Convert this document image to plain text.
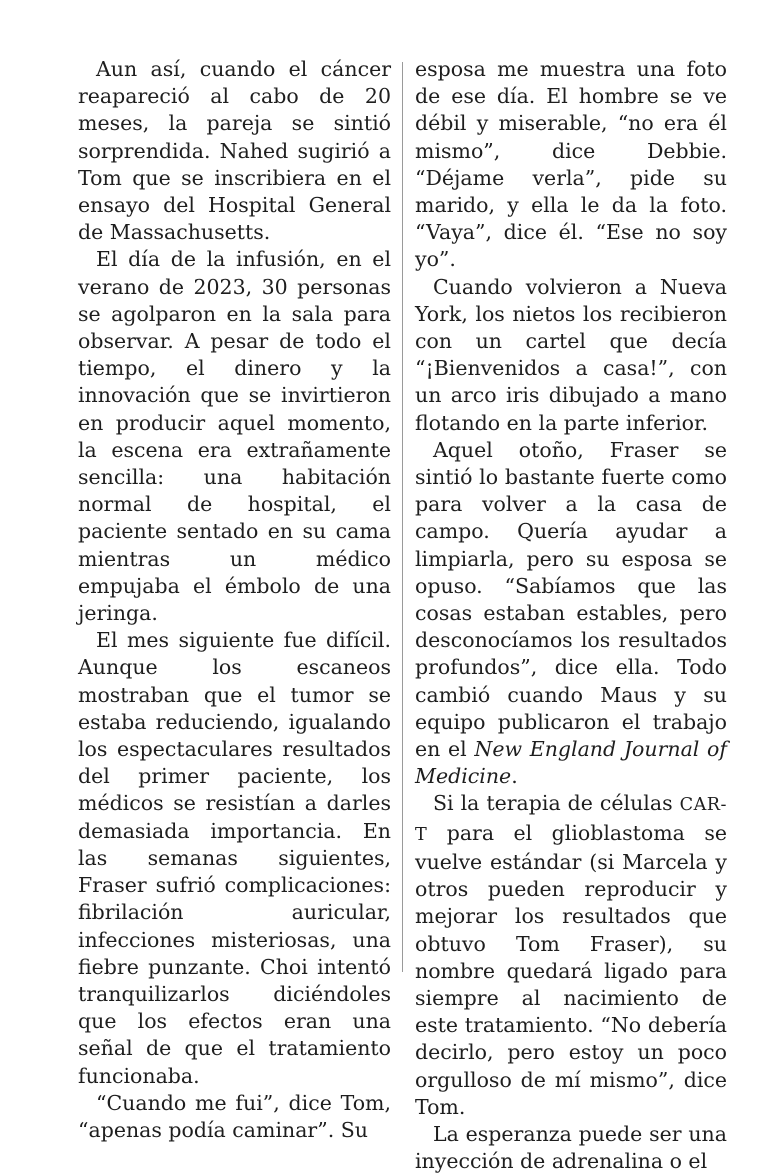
Aun así, cuando el cáncer reapareció al cabo de 20 meses, la pareja se sintió sorprendida. Nahed sugirió a Tom que se inscribiera en el ensayo del Hospital General de Massachusetts.

El día de la infusión, en el verano de 2023, 30 personas se agolparon en la sala para observar. A pesar de todo el tiempo, el dinero y la innovación que se invirtieron en producir aquel momento, la escena era extrañamente sencilla: una habitación normal de hospital, el paciente sentado en su cama mientras un médico empujaba el émbolo de una jeringa.

El mes siguiente fue difícil. Aunque los escaneos mostraban que el tumor se estaba reduciendo, igualando los espectaculares resultados del primer paciente, los médicos se resistían a darles demasiada importancia. En las semanas siguientes, Fraser sufrió complicaciones: fibrilación auricular, infecciones misteriosas, una fiebre punzante. Choi intentó tranquilizarlos diciéndoles que los efectos eran una señal de que el tratamiento funcionaba.

“Cuando me fui”, dice Tom, “apenas podía caminar”. Su

esposa me muestra una foto de ese día. El hombre se ve débil y miserable, “no era él mismo”, dice Debbie. “Déjame verla”, pide su marido, y ella le da la foto. “Vaya”, dice él. “Ese no soy yo”.

Cuando volvieron a Nueva York, los nietos los recibieron con un cartel que decía “¡Bienvenidos a casa!”, con un arco iris dibujado a mano flotando en la parte inferior.

Aquel otoño, Fraser se sintió lo bastante fuerte como para volver a la casa de campo. Quería ayudar a limpiarla, pero su esposa se opuso. “Sabíamos que las cosas estaban estables, pero desconocíamos los resultados profundos”, dice ella. Todo cambió cuando Maus y su equipo publicaron el trabajo en el New England Journal of Medicine.

Si la terapia de células CAR-T para el glioblastoma se vuelve estándar (si Marcela y otros pueden reproducir y mejorar los resultados que obtuvo Tom Fraser), su nombre quedará ligado para siempre al nacimiento de este tratamiento. “No debería decirlo, pero estoy un poco orgulloso de mí mismo”, dice Tom.

La esperanza puede ser una inyección de adrenalina o el
